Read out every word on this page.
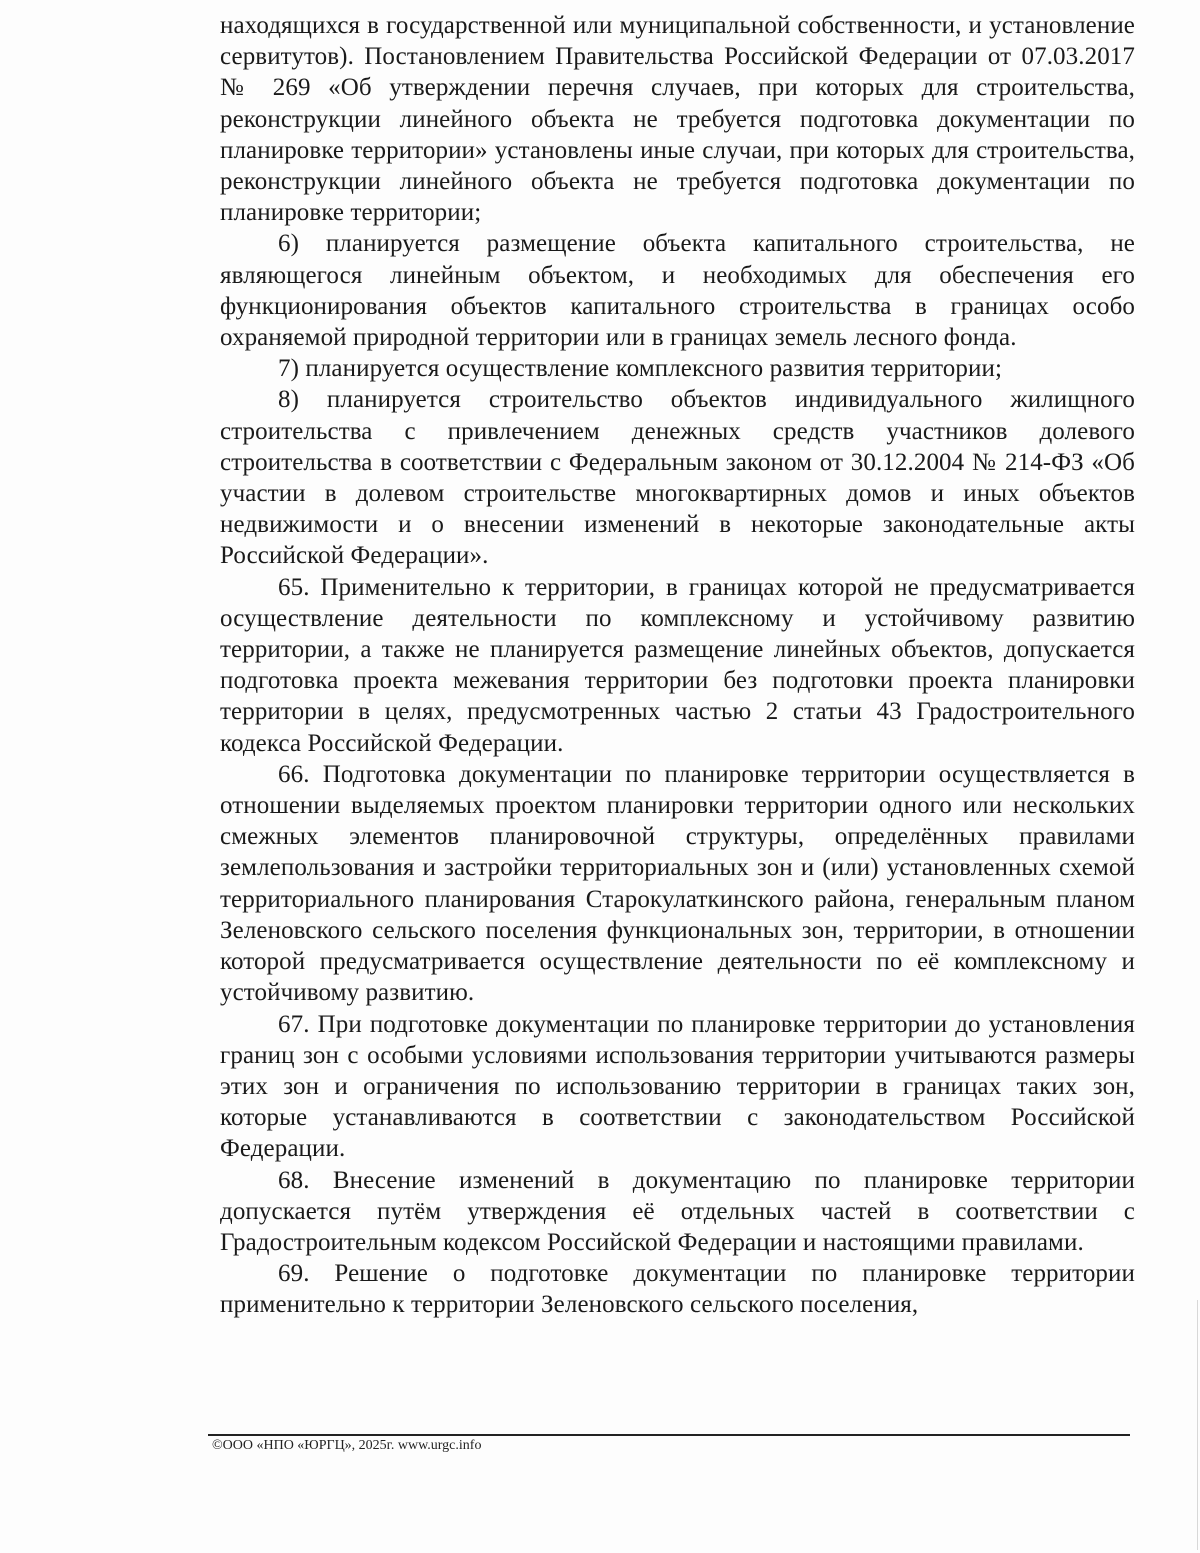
находящихся в государственной или муниципальной собственности, и установление сервитутов). Постановлением Правительства Российской Федерации от 07.03.2017 № 269 «Об утверждении перечня случаев, при которых для строительства, реконструкции линейного объекта не требуется подготовка документации по планировке территории» установлены иные случаи, при которых для строительства, реконструкции линейного объекта не требуется подготовка документации по планировке территории;

6) планируется размещение объекта капитального строительства, не являющегося линейным объектом, и необходимых для обеспечения его функционирования объектов капитального строительства в границах особо охраняемой природной территории или в границах земель лесного фонда.

7) планируется осуществление комплексного развития территории;

8) планируется строительство объектов индивидуального жилищного строительства с привлечением денежных средств участников долевого строительства в соответствии с Федеральным законом от 30.12.2004 № 214-ФЗ «Об участии в долевом строительстве многоквартирных домов и иных объектов недвижимости и о внесении изменений в некоторые законодательные акты Российской Федерации».

65. Применительно к территории, в границах которой не предусматривается осуществление деятельности по комплексному и устойчивому развитию территории, а также не планируется размещение линейных объектов, допускается подготовка проекта межевания территории без подготовки проекта планировки территории в целях, предусмотренных частью 2 статьи 43 Градостроительного кодекса Российской Федерации.

66. Подготовка документации по планировке территории осуществляется в отношении выделяемых проектом планировки территории одного или нескольких смежных элементов планировочной структуры, определённых правилами землепользования и застройки территориальных зон и (или) установленных схемой территориального планирования Старокулаткинского района, генеральным планом Зеленовского сельского поселения функциональных зон, территории, в отношении которой предусматривается осуществление деятельности по её комплексному и устойчивому развитию.

67. При подготовке документации по планировке территории до установления границ зон с особыми условиями использования территории учитываются размеры этих зон и ограничения по использованию территории в границах таких зон, которые устанавливаются в соответствии с законодательством Российской Федерации.

68. Внесение изменений в документацию по планировке территории допускается путём утверждения её отдельных частей в соответствии с Градостроительным кодексом Российской Федерации и настоящими правилами.

69. Решение о подготовке документации по планировке территории применительно к территории Зеленовского сельского поселения,

©ООО «НПО «ЮРГЦ», 2025г. www.urgc.info
